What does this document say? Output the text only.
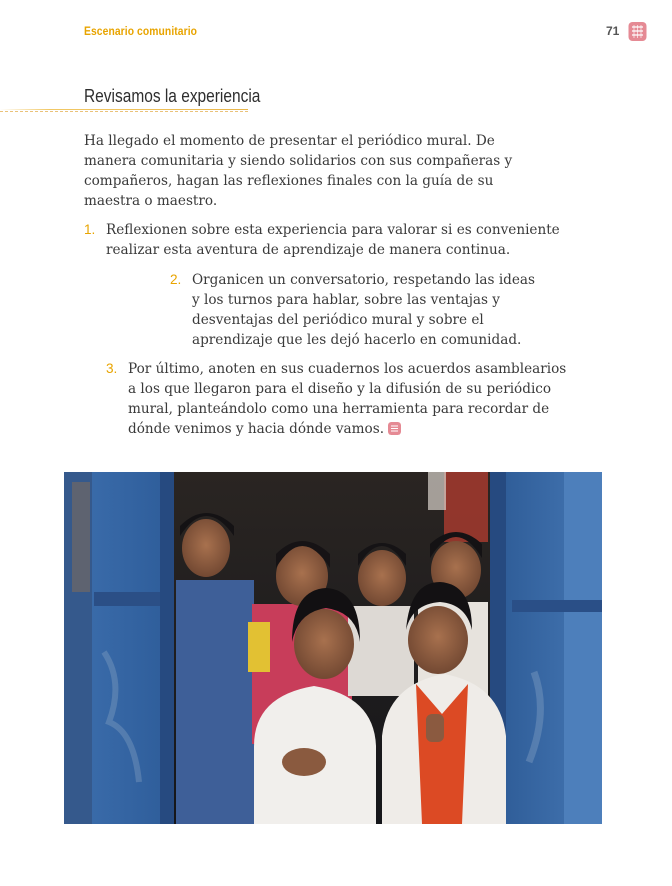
Escenario comunitario	71
Revisamos la experiencia

Ha llegado el momento de presentar el periódico mural. De manera comunitaria y siendo solidarios con sus compañeras y compañeros, hagan las reflexiones finales con la guía de su maestra o maestro.

1. Reflexionen sobre esta experiencia para valorar si es conveniente realizar esta aventura de aprendizaje de manera continua.

2. Organicen un conversatorio, respetando las ideas y los turnos para hablar, sobre las ventajas y desventajas del periódico mural y sobre el aprendizaje que les dejó hacerlo en comunidad.

3. Por último, anoten en sus cuadernos los acuerdos asamblearios a los que llegaron para el diseño y la difusión de su periódico mural, planteándolo como una herramienta para recordar de dónde venimos y hacia dónde vamos.
